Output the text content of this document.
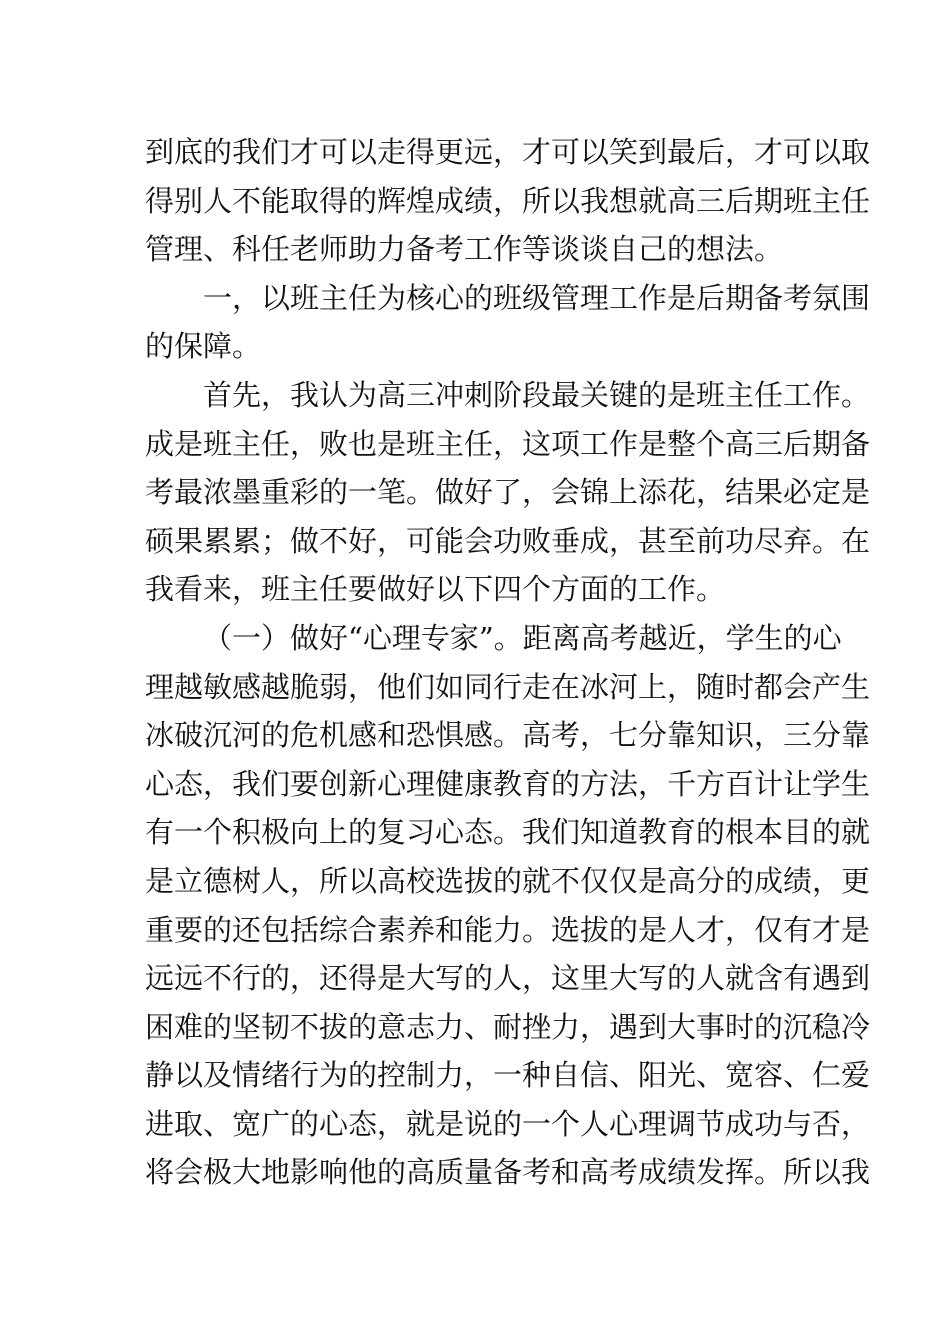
到底的我们才可以走得更远，才可以笑到最后，才可以取
得别人不能取得的辉煌成绩，所以我想就高三后期班主任
管理、科任老师助力备考工作等谈谈自己的想法。
一，以班主任为核心的班级管理工作是后期备考氛围
的保障。
首先，我认为高三冲刺阶段最关键的是班主任工作。
成是班主任，败也是班主任，这项工作是整个高三后期备
考最浓墨重彩的一笔。做好了，会锦上添花，结果必定是
硕果累累；做不好，可能会功败垂成，甚至前功尽弃。在
我看来，班主任要做好以下四个方面的工作。
（一）做好“心理专家”。距离高考越近，学生的心
理越敏感越脆弱，他们如同行走在冰河上，随时都会产生
冰破沉河的危机感和恐惧感。高考，七分靠知识，三分靠
心态，我们要创新心理健康教育的方法，千方百计让学生
有一个积极向上的复习心态。我们知道教育的根本目的就
是立德树人，所以高校选拔的就不仅仅是高分的成绩，更
重要的还包括综合素养和能力。选拔的是人才，仅有才是
远远不行的，还得是大写的人，这里大写的人就含有遇到
困难的坚韧不拔的意志力、耐挫力，遇到大事时的沉稳冷
静以及情绪行为的控制力，一种自信、阳光、宽容、仁爱
进取、宽广的心态，就是说的一个人心理调节成功与否，
将会极大地影响他的高质量备考和高考成绩发挥。所以我
